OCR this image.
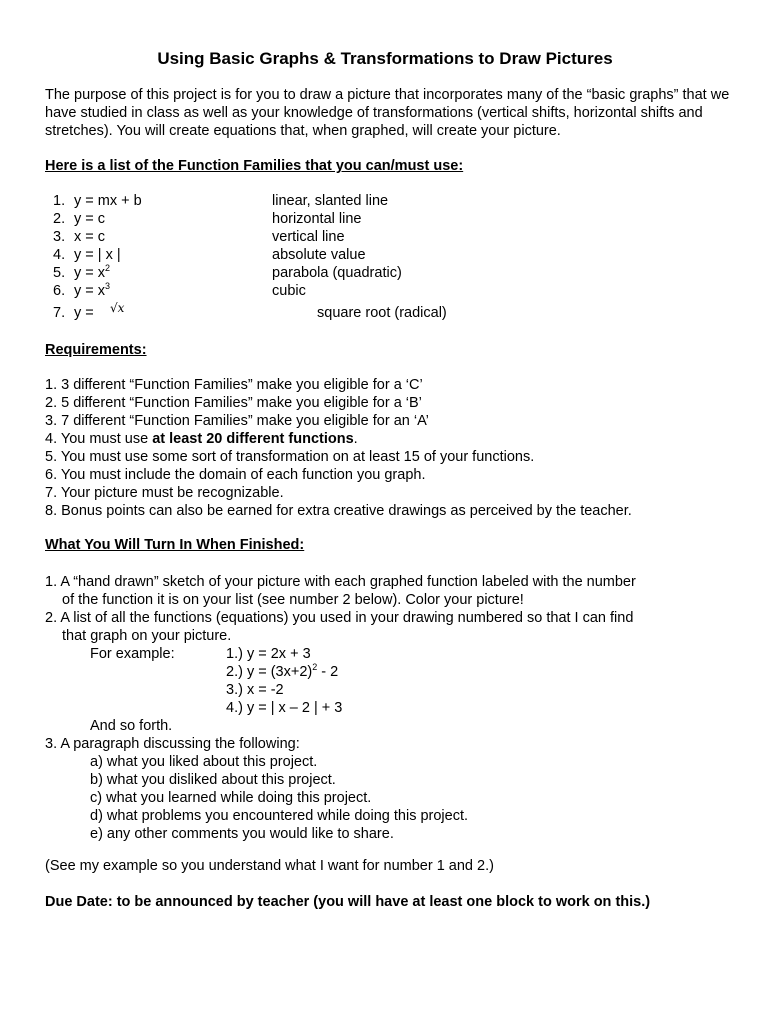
Using Basic Graphs & Transformations to Draw Pictures
The purpose of this project is for you to draw a picture that incorporates many of the “basic graphs” that we have studied in class as well as your knowledge of transformations (vertical shifts, horizontal shifts and stretches). You will create equations that, when graphed, will create your picture.
Here is a list of the Function Families that you can/must use:
1. y = mx + b	linear, slanted line
2. y = c	horizontal line
3. x = c	vertical line
4. y = | x |	absolute value
5. $y = x^2$	parabola (quadratic)
6. $y = x^3$	cubic
7. y = √x	square root (radical)
Requirements:
1. 3 different “Function Families” make you eligible for a ‘C’
2. 5 different “Function Families” make you eligible for a ‘B’
3. 7 different “Function Families” make you eligible for an ‘A’
4. You must use at least 20 different functions.
5. You must use some sort of transformation on at least 15 of your functions.
6. You must include the domain of each function you graph.
7. Your picture must be recognizable.
8. Bonus points can also be earned for extra creative drawings as perceived by the teacher.
What You Will Turn In When Finished:
1. A “hand drawn” sketch of your picture with each graphed function labeled with the number
of the function it is on your list (see number 2 below). Color your picture!
2. A list of all the functions (equations) you used in your drawing numbered so that I can find
that graph on your picture.
For example:	1.) y = 2x + 3
2.) $y = (3x+2)^2 - 2$
3.) x = -2
4.) y = | x – 2 | + 3
And so forth.
3. A paragraph discussing the following:
a) what you liked about this project.
b) what you disliked about this project.
c) what you learned while doing this project.
d) what problems you encountered while doing this project.
e) any other comments you would like to share.
(See my example so you understand what I want for number 1 and 2.)
Due Date: to be announced by teacher (you will have at least one block to work on this.)
